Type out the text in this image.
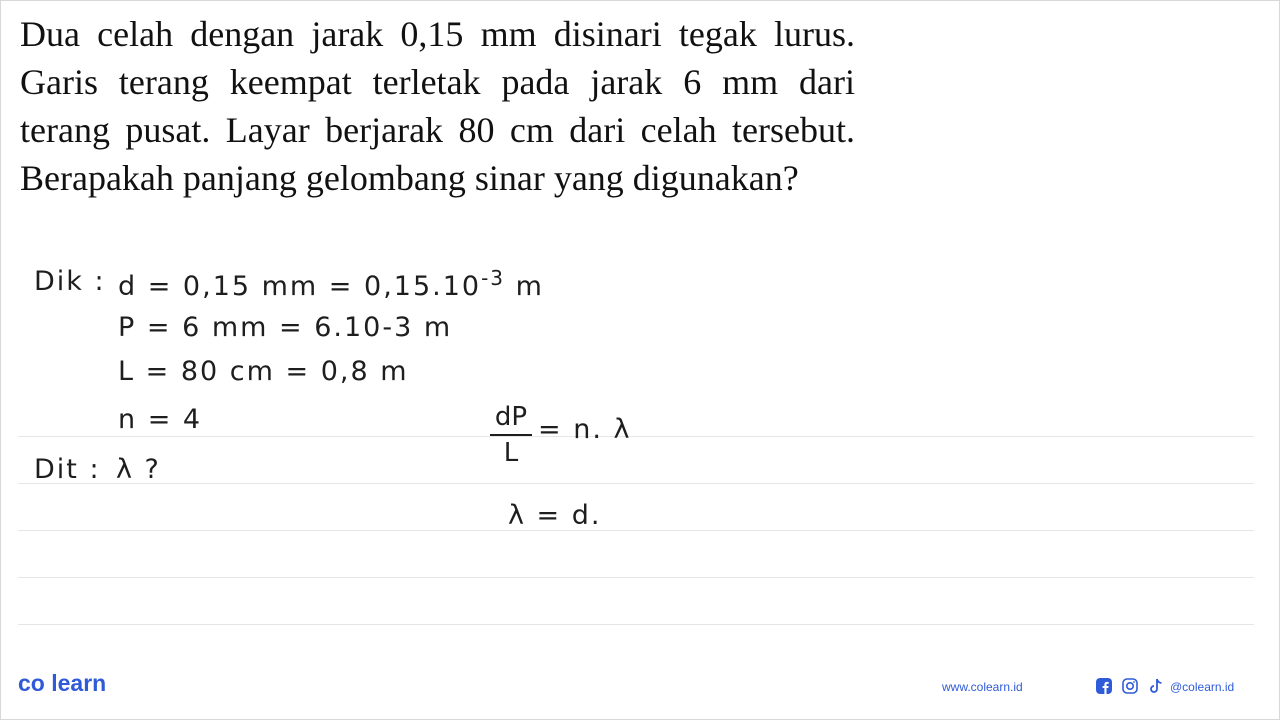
Dua celah dengan jarak 0,15 mm disinari tegak lurus. Garis terang keempat terletak pada jarak 6 mm dari terang pusat. Layar berjarak 80 cm dari celah tersebut. Berapakah panjang gelombang sinar yang digunakan?
Dik : d = 0,15 mm = $0,15.10^{-3}$ m
P = 6 mm = 6.10-3 m
L = 80 cm = 0,8 m
n = 4
Dit : λ ?
dP
L
= n. λ
λ = d.
co learn	www.colearn.id	@colearn.id
